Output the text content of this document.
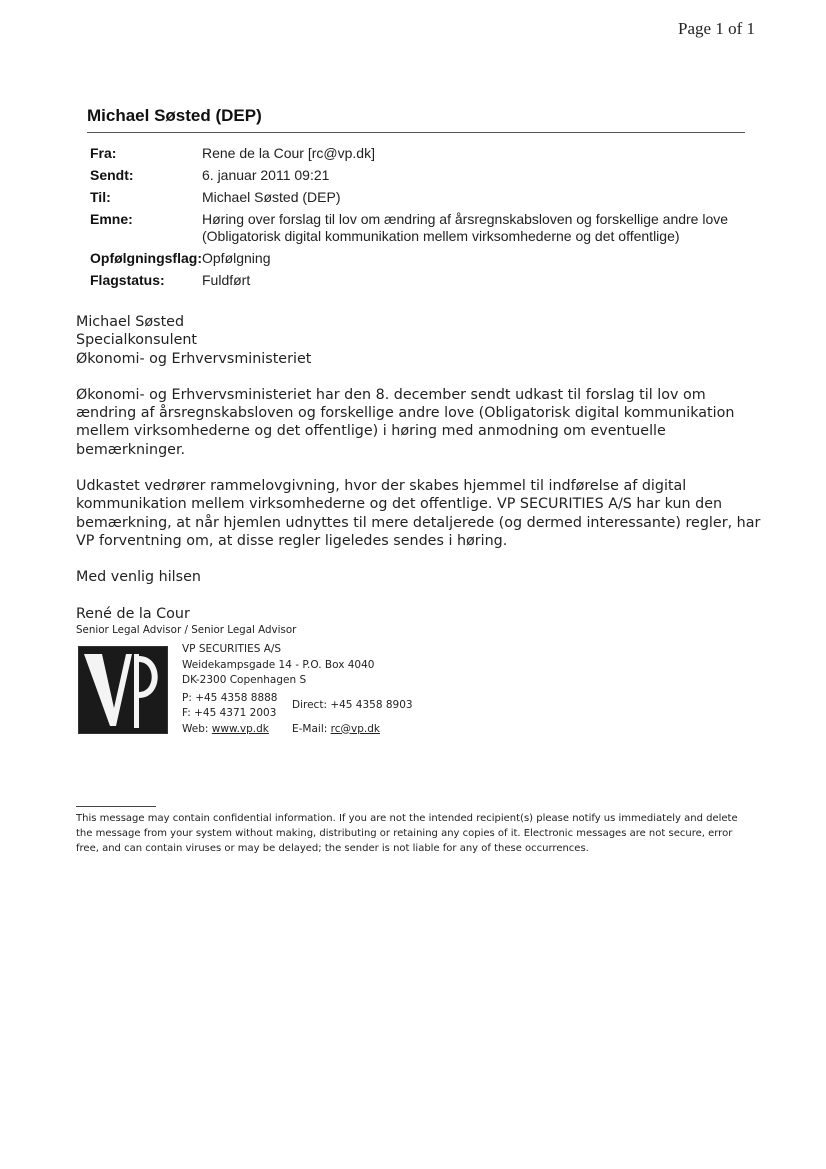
Page 1 of 1
Michael Søsted (DEP)
Fra:	Rene de la Cour [rc@vp.dk]
Sendt:	6. januar 2011 09:21
Til:	Michael Søsted (DEP)
Emne:	Høring over forslag til lov om ændring af årsregnskabsloven og forskellige andre love (Obligatorisk digital kommunikation mellem virksomhederne og det offentlige)
Opfølgningsflag: Opfølgning
Flagstatus:	Fuldført

Michael Søsted

Specialkonsulent

Økonomi- og Erhvervsministeriet

Økonomi- og Erhvervsministeriet har den 8. december sendt udkast til forslag til lov om ændring af årsregnskabsloven og forskellige andre love (Obligatorisk digital kommunikation mellem virksomhederne og det offentlige) i høring med anmodning om eventuelle bemærkninger.

Udkastet vedrører rammelovgivning, hvor der skabes hjemmel til indførelse af digital kommunikation mellem virksomhederne og det offentlige. VP SECURITIES A/S har kun den bemærkning, at når hjemlen udnyttes til mere detaljerede (og dermed interessante) regler, har VP forventning om, at disse regler ligeledes sendes i høring.

Med venlig hilsen

René de la Cour

Senior Legal Advisor / Senior Legal Advisor

VP SECURITIES A/S
Weidekampsgade 14 - P.O. Box 4040
DK-2300 Copenhagen S
P: +45 4358 8888
F: +45 4371 2003
Direct: +45 4358 8903
Web: www.vp.dk	E-Mail: rc@vp.dk
This message may contain confidential information. If you are not the intended recipient(s) please notify us immediately and delete the message from your system without making, distributing or retaining any copies of it. Electronic messages are not secure, error free, and can contain viruses or may be delayed; the sender is not liable for any of these occurrences.
